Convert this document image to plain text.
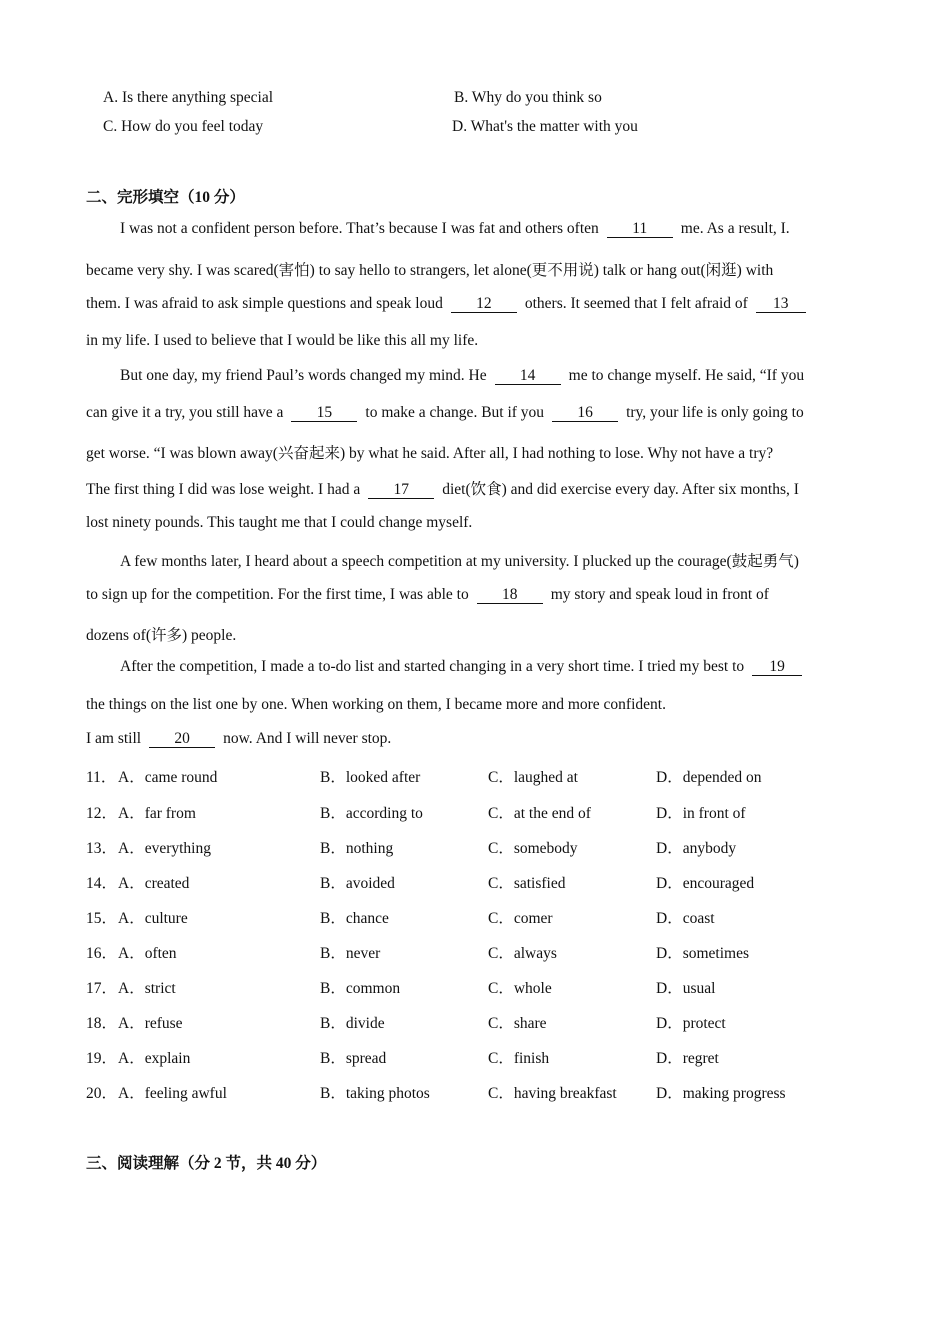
A. Is there anything special	B. Why do you think so
C. How do you feel today	D. What's the matter with you
二、完形填空（10 分）
I was not a confident person before. That’s because I was fat and others often 11 me. As a result, I.
became very shy. I was scared(害怕) to say hello to strangers, let alone(更不用说) talk or hang out(闲逛) with
them. I was afraid to ask simple questions and speak loud 12 others. It seemed that I felt afraid of 13
in my life. I used to believe that I would be like this all my life.
But one day, my friend Paul’s words changed my mind. He 14 me to change myself. He said, “If you
can give it a try, you still have a 15 to make a change. But if you 16 try, your life is only going to
get worse. “I was blown away(兴奋起来) by what he said. After all, I had nothing to lose. Why not have a try?
The first thing I did was lose weight. I had a 17 diet(饮食) and did exercise every day. After six months, I
lost ninety pounds. This taught me that I could change myself.
A few months later, I heard about a speech competition at my university. I plucked up the courage(鼓起勇气)
to sign up for the competition. For the first time, I was able to 18 my story and speak loud in front of
dozens of(许多) people.
After the competition, I made a to-do list and started changing in a very short time. I tried my best to 19
the things on the list one by one. When working on them, I became more and more confident.
I am still 20 now. And I will never stop.
11． A．came round	B．looked after	C．laughed at	D．depended on
12． A．far from	B．according to	C．at the end of	D．in front of
13． A．everything	B．nothing	C．somebody	D．anybody
14． A．created	B．avoided	C．satisfied	D．encouraged
15． A．culture	B．chance	C．comer	D．coast
16． A．often	B．never	C．always	D．sometimes
17． A．strict	B．common	C．whole	D．usual
18． A．refuse	B．divide	C．share	D．protect
19． A．explain	B．spread	C．finish	D．regret
20． A．feeling awful	B．taking photos	C．having breakfast	D．making progress
三、阅读理解（分 2 节，共 40 分）
